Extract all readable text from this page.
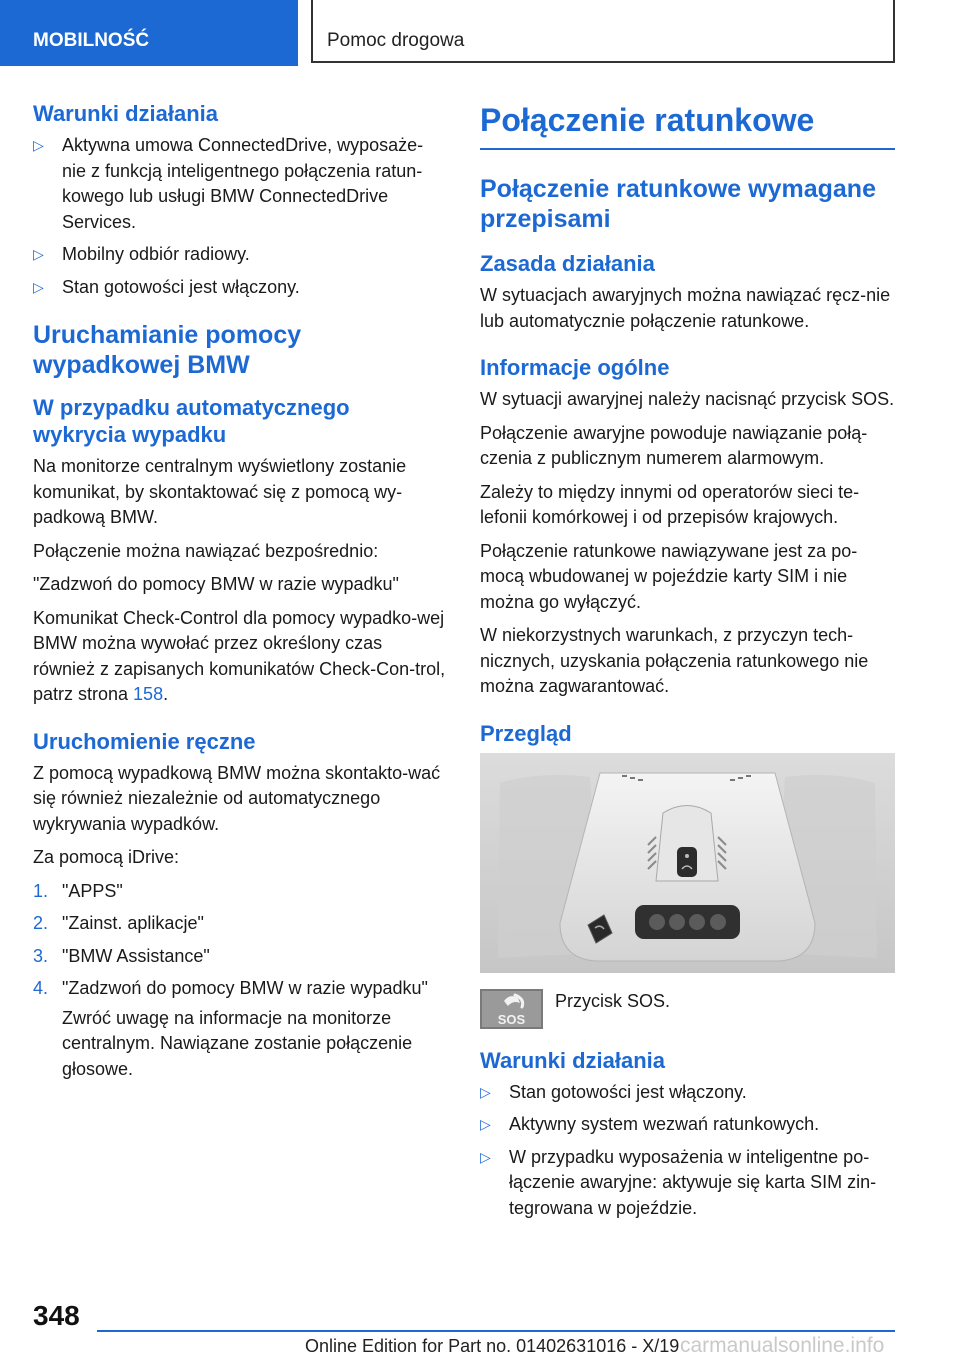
MOBILNOŚĆ	Pomoc drogowa
Warunki działania
▷ Aktywna umowa ConnectedDrive, wyposaże-nie z funkcją inteligentnego połączenia ratun-kowego lub usługi BMW ConnectedDrive Services.
▷ Mobilny odbiór radiowy.
▷ Stan gotowości jest włączony.
Uruchamianie pomocy wypadkowej BMW
W przypadku automatycznego wykrycia wypadku

Na monitorze centralnym wyświetlony zostanie komunikat, by skontaktować się z pomocą wy-padkową BMW.

Połączenie można nawiązać bezpośrednio:

"Zadzwoń do pomocy BMW w razie wypadku"

Komunikat Check-Control dla pomocy wypadko-wej BMW można wywołać przez określony czas również z zapisanych komunikatów Check-Con-trol, patrz strona 158.

Uruchomienie ręczne

Z pomocą wypadkową BMW można skontakto-wać się również niezależnie od automatycznego wykrywania wypadków.

Za pomocą iDrive:

1. "APPS"
2. "Zainst. aplikacje"
3. "BMW Assistance"
4. "Zadzwoń do pomocy BMW w razie wypadku"
Zwróć uwagę na informacje na monitorze centralnym. Nawiązane zostanie połączenie głosowe.
Połączenie ratunkowe
Połączenie ratunkowe wymagane przepisami
Zasada działania

W sytuacjach awaryjnych można nawiązać ręcz-nie lub automatycznie połączenie ratunkowe.

Informacje ogólne

W sytuacji awaryjnej należy nacisnąć przycisk SOS.

Połączenie awaryjne powoduje nawiązanie połą-czenia z publicznym numerem alarmowym.

Zależy to między innymi od operatorów sieci te-lefonii komórkowej i od przepisów krajowych.

Połączenie ratunkowe nawiązywane jest za po-mocą wbudowanej w pojeździe karty SIM i nie można go wyłączyć.

W niekorzystnych warunkach, z przyczyn tech-nicznych, uzyskania połączenia ratunkowego nie można zagwarantować.

Przegląd
SOS
Przycisk SOS.
Warunki działania
▷ Stan gotowości jest włączony.
▷ Aktywny system wezwań ratunkowych.
▷ W przypadku wyposażenia w inteligentne po-łączenie awaryjne: aktywuje się karta SIM zin-tegrowana w pojeździe.
348
Online Edition for Part no. 01402631016 - X/19 carmanualsonline.info
